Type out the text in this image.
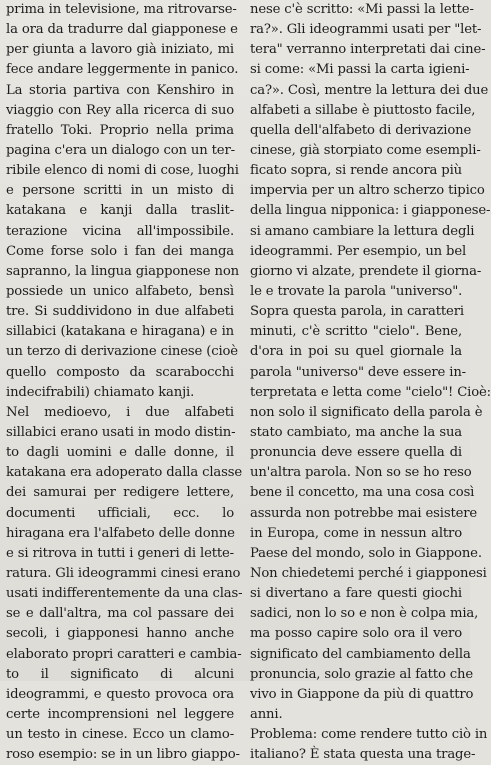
prima in televisione, ma ritrovarse-
la ora da tradurre dal giapponese e
per giunta a lavoro già iniziato, mi
fece andare leggermente in panico.
La storia partiva con Kenshiro in
viaggio con Rey alla ricerca di suo
fratello Toki. Proprio nella prima
pagina c'era un dialogo con un ter-
ribile elenco di nomi di cose, luoghi
e persone scritti in un misto di
katakana e kanji dalla traslit-
terazione vicina all'impossibile.
Come forse solo i fan dei manga
sapranno, la lingua giapponese non
possiede un unico alfabeto, bensì
tre. Si suddividono in due alfabeti
sillabici (katakana e hiragana) e in
un terzo di derivazione cinese (cioè
quello composto da scarabocchi
indecifrabili) chiamato kanji.
Nel medioevo, i due alfabeti
sillabici erano usati in modo distin-
to dagli uomini e dalle donne, il
katakana era adoperato dalla classe
dei samurai per redigere lettere,
documenti ufficiali, ecc. lo
hiragana era l'alfabeto delle donne
e si ritrova in tutti i generi di lette-
ratura. Gli ideogrammi cinesi erano
usati indifferentemente da una clas-
se e dall'altra, ma col passare dei
secoli, i giapponesi hanno anche
elaborato propri caratteri e cambia-
to il significato di alcuni
ideogrammi, e questo provoca ora
certe incomprensioni nel leggere
un testo in cinese. Ecco un clamo-
roso esempio: se in un libro giappo-
nese c'è scritto: «Mi passi la lette-
ra?». Gli ideogrammi usati per "let-
tera" verranno interpretati dai cine-
si come: «Mi passi la carta igieni-
ca?». Così, mentre la lettura dei due
alfabeti a sillabe è piuttosto facile,
quella dell'alfabeto di derivazione
cinese, già storpiato come esempli-
ficato sopra, si rende ancora più
impervia per un altro scherzo tipico
della lingua nipponica: i giapponese-
si amano cambiare la lettura degli
ideogrammi. Per esempio, un bel
giorno vi alzate, prendete il giorna-
le e trovate la parola "universo".
Sopra questa parola, in caratteri
minuti, c'è scritto "cielo". Bene,
d'ora in poi su quel giornale la
parola "universo" deve essere in-
terpretata e letta come "cielo"! Cioè:
non solo il significato della parola è
stato cambiato, ma anche la sua
pronuncia deve essere quella di
un'altra parola. Non so se ho reso
bene il concetto, ma una cosa così
assurda non potrebbe mai esistere
in Europa, come in nessun altro
Paese del mondo, solo in Giappone.
Non chiedetemi perché i giapponesi
si divertano a fare questi giochi
sadici, non lo so e non è colpa mia,
ma posso capire solo ora il vero
significato del cambiamento della
pronuncia, solo grazie al fatto che
vivo in Giappone da più di quattro
anni.
Problema: come rendere tutto ciò in
italiano? È stata questa una trage-
